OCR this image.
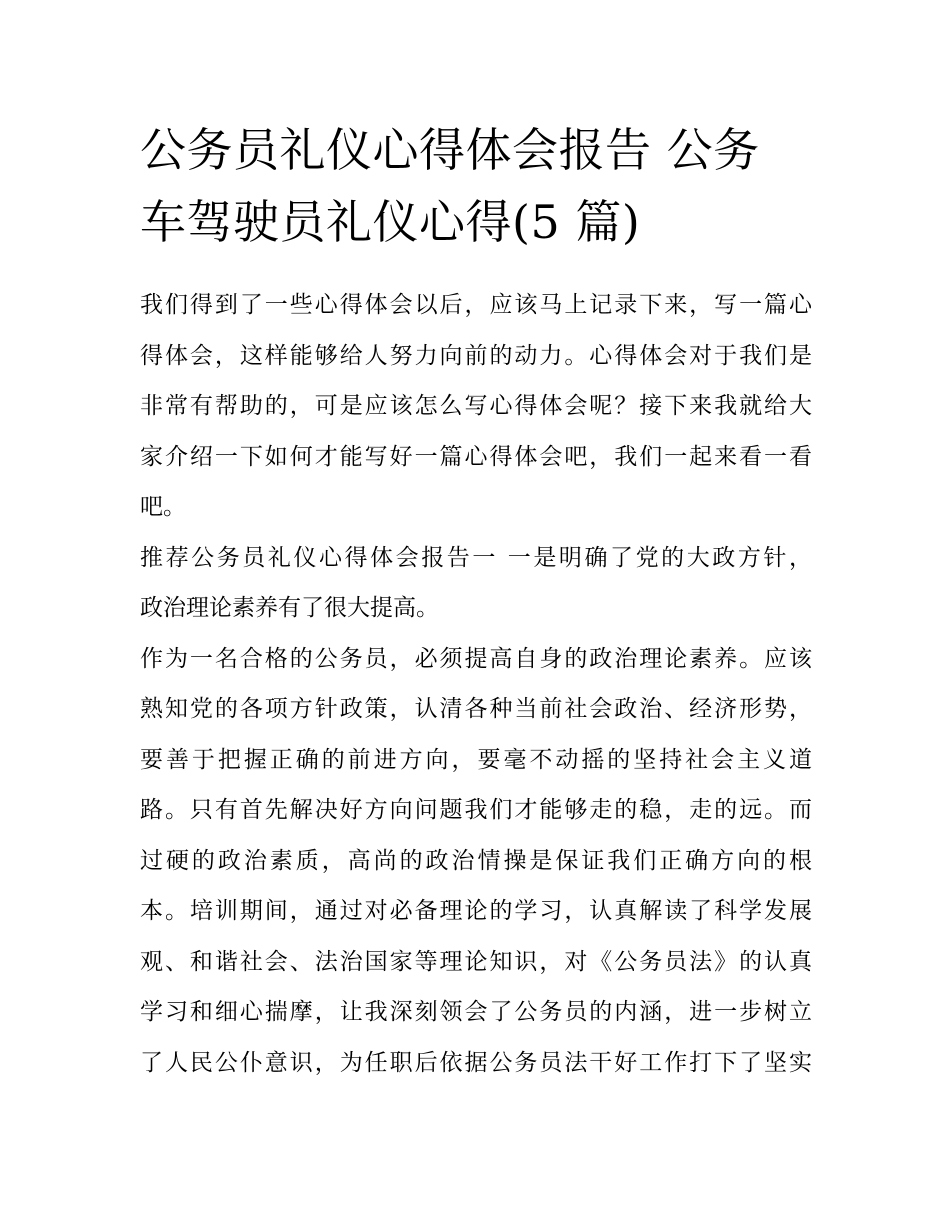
公务员礼仪心得体会报告 公务
车驾驶员礼仪心得(5 篇)

我们得到了一些心得体会以后，应该马上记录下来，写一篇心
得体会，这样能够给人努力向前的动力。心得体会对于我们是
非常有帮助的，可是应该怎么写心得体会呢？接下来我就给大
家介绍一下如何才能写好一篇心得体会吧，我们一起来看一看
吧。

推荐公务员礼仪心得体会报告一 一是明确了党的大政方针，
政治理论素养有了很大提高。

作为一名合格的公务员，必须提高自身的政治理论素养。应该
熟知党的各项方针政策，认清各种当前社会政治、经济形势，
要善于把握正确的前进方向，要毫不动摇的坚持社会主义道
路。只有首先解决好方向问题我们才能够走的稳，走的远。而
过硬的政治素质，高尚的政治情操是保证我们正确方向的根
本。培训期间，通过对必备理论的学习，认真解读了科学发展
观、和谐社会、法治国家等理论知识，对《公务员法》的认真
学习和细心揣摩，让我深刻领会了公务员的内涵，进一步树立
了人民公仆意识，为任职后依据公务员法干好工作打下了坚实
